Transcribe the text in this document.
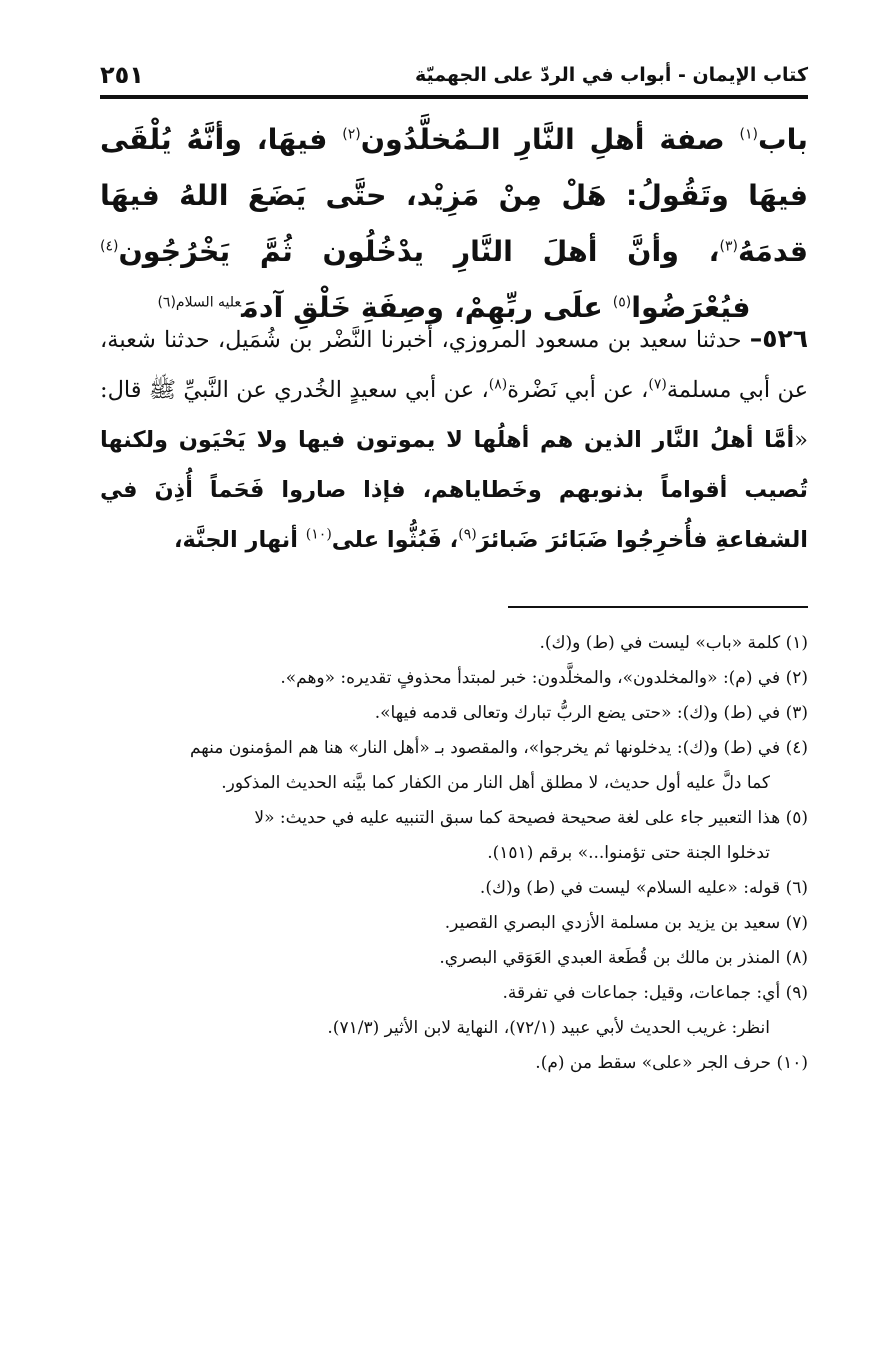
كتاب الإيمان - أبواب في الردّ على الجهميّة
٢٥١
باب$^{(١)}$ صفة أهلِ النَّارِ الـمُخلَّدُون$^{(٢)}$ فيهَا، وأنَّهُ يُلْقَى فيهَا وتَقُولُ: هَلْ مِنْ مَزِيْد، حتَّى يَضَعَ اللهُ فيهَا قدمَهُ$^{(٣)}$، وأنَّ أهلَ النَّارِ يدْخُلُون ثُمَّ يَخْرُجُون$^{(٤)}$ فيُعْرَضُوا$^{(٥)}$ علَى ربِّهِمْ، وصِفَةِ خَلْقِ آدمَ$^{عليه السلام(٦)}$
٥٢٦– حدثنا سعيد بن مسعود المروزي، أخبرنا النَّضْر بن شُمَيل، حدثنا شعبة، عن أبي مسلمة$^{(٧)}$، عن أبي نَضْرة$^{(٨)}$، عن أبي سعيدٍ الخُدري عن النَّبيِّ ﷺ قال: «أمَّا أهلُ النَّار الذين هم أهلُها لا يموتون فيها ولا يَحْيَون ولكنها تُصيب أقواماً بذنوبهم وخَطاياهم، فإذا صاروا فَحَماً أُذِنَ في الشفاعةِ فأُخرِجُوا ضَبَائرَ ضَبائرَ$^{(٩)}$، فَبُثُّوا على$^{(١٠)}$ أنهار الجنَّة،
(١) كلمة «باب» ليست في (ط) و(ك).
(٢) في (م): «والمخلدون»، والمخلَّدون: خبر لمبتدأ محذوفٍ تقديره: «وهم».
(٣) في (ط) و(ك): «حتى يضع الربُّ تبارك وتعالى قدمه فيها».
(٤) في (ط) و(ك): يدخلونها ثم يخرجوا»، والمقصود بـ «أهل النار» هنا هم المؤمنون منهم
كما دلَّ عليه أول حديث، لا مطلق أهل النار من الكفار كما بيَّنه الحديث المذكور.
(٥) هذا التعبير جاء على لغة صحيحة فصيحة كما سبق التنبيه عليه في حديث: «لا
تدخلوا الجنة حتى تؤمنوا...» برقم (١٥١).
(٦) قوله: «عليه السلام» ليست في (ط) و(ك).
(٧) سعيد بن يزيد بن مسلمة الأزدي البصري القصير.
(٨) المنذر بن مالك بن قُطَعة العبدي العَوَقي البصري.
(٩) أي: جماعات، وقيل: جماعات في تفرقة.
انظر: غريب الحديث لأبي عبيد (٧٢/١)، النهاية لابن الأثير (٧١/٣).
(١٠) حرف الجر «على» سقط من (م).
